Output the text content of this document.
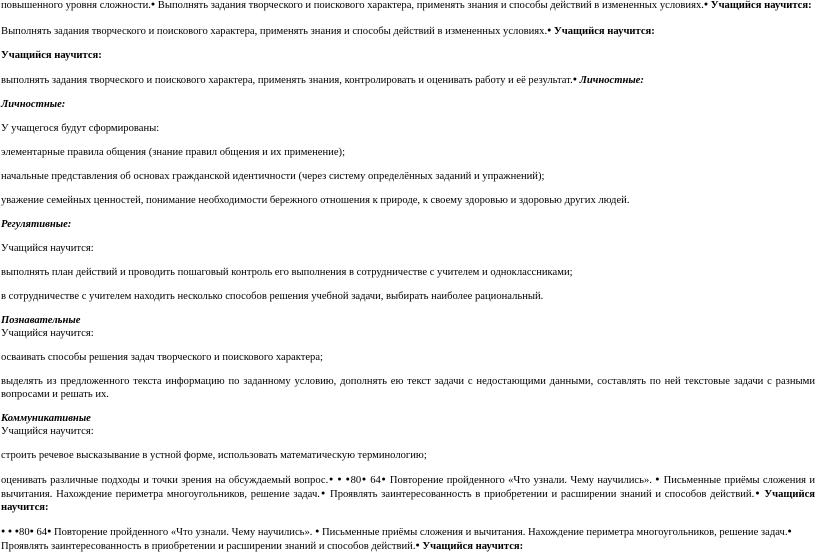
повышенного уровня сложности.● Выполнять задания творческого и поискового характера, применять знания и способы действий в измененных условиях.● Учащийся научится:

Выполнять задания творческого и поискового характера, применять знания и способы действий в измененных условиях.● Учащийся научится:

Учащийся научится:

выполнять задания творческого и поискового характера, применять знания, контролировать и оценивать работу и её результат.● Личностные:

Личностные:

У учащегося будут сформированы:

элементарные правила общения (знание правил общения и их применение);

начальные представления об основах гражданской идентичности (через систему определённых заданий и упражнений);

уважение семейных ценностей, понимание необходимости бережного отношения к природе, к своему здоровью и здоровью других людей.

Регулятивные:

Учащийся научится:

выполнять план действий и проводить пошаговый контроль его выполнения в сотрудничестве с учителем и одноклассниками;

в сотрудничестве с учителем находить несколько способов решения учебной задачи, выбирать наиболее рациональный.

Познавательные

Учащийся научится:

осваивать способы решения задач творческого и поискового характера;

выделять из предложенного текста информацию по заданному условию, дополнять ею текст задачи с недостающими данными, составлять по ней текстовые задачи с разными вопросами и решать их.

Коммуникативные

Учащийся научится:

строить речевое высказывание в устной форме, использовать математическую терминологию;

оценивать различные подходы и точки зрения на обсуждаемый вопрос.● ● ●80● 64● Повторение пройденного «Что узнали. Чему научились». ● Письменные приёмы сложения и вычитания. Нахождение периметра многоугольников, решение задач.● Проявлять заинтересованность в приобретении и расширении знаний и способов действий.● Учащийся научится:

● ● ●80● 64● Повторение пройденного «Что узнали. Чему научились». ● Письменные приёмы сложения и вычитания. Нахождение периметра многоугольников, решение задач.● Проявлять заинтересованность в приобретении и расширении знаний и способов действий.● Учащийся научится:
